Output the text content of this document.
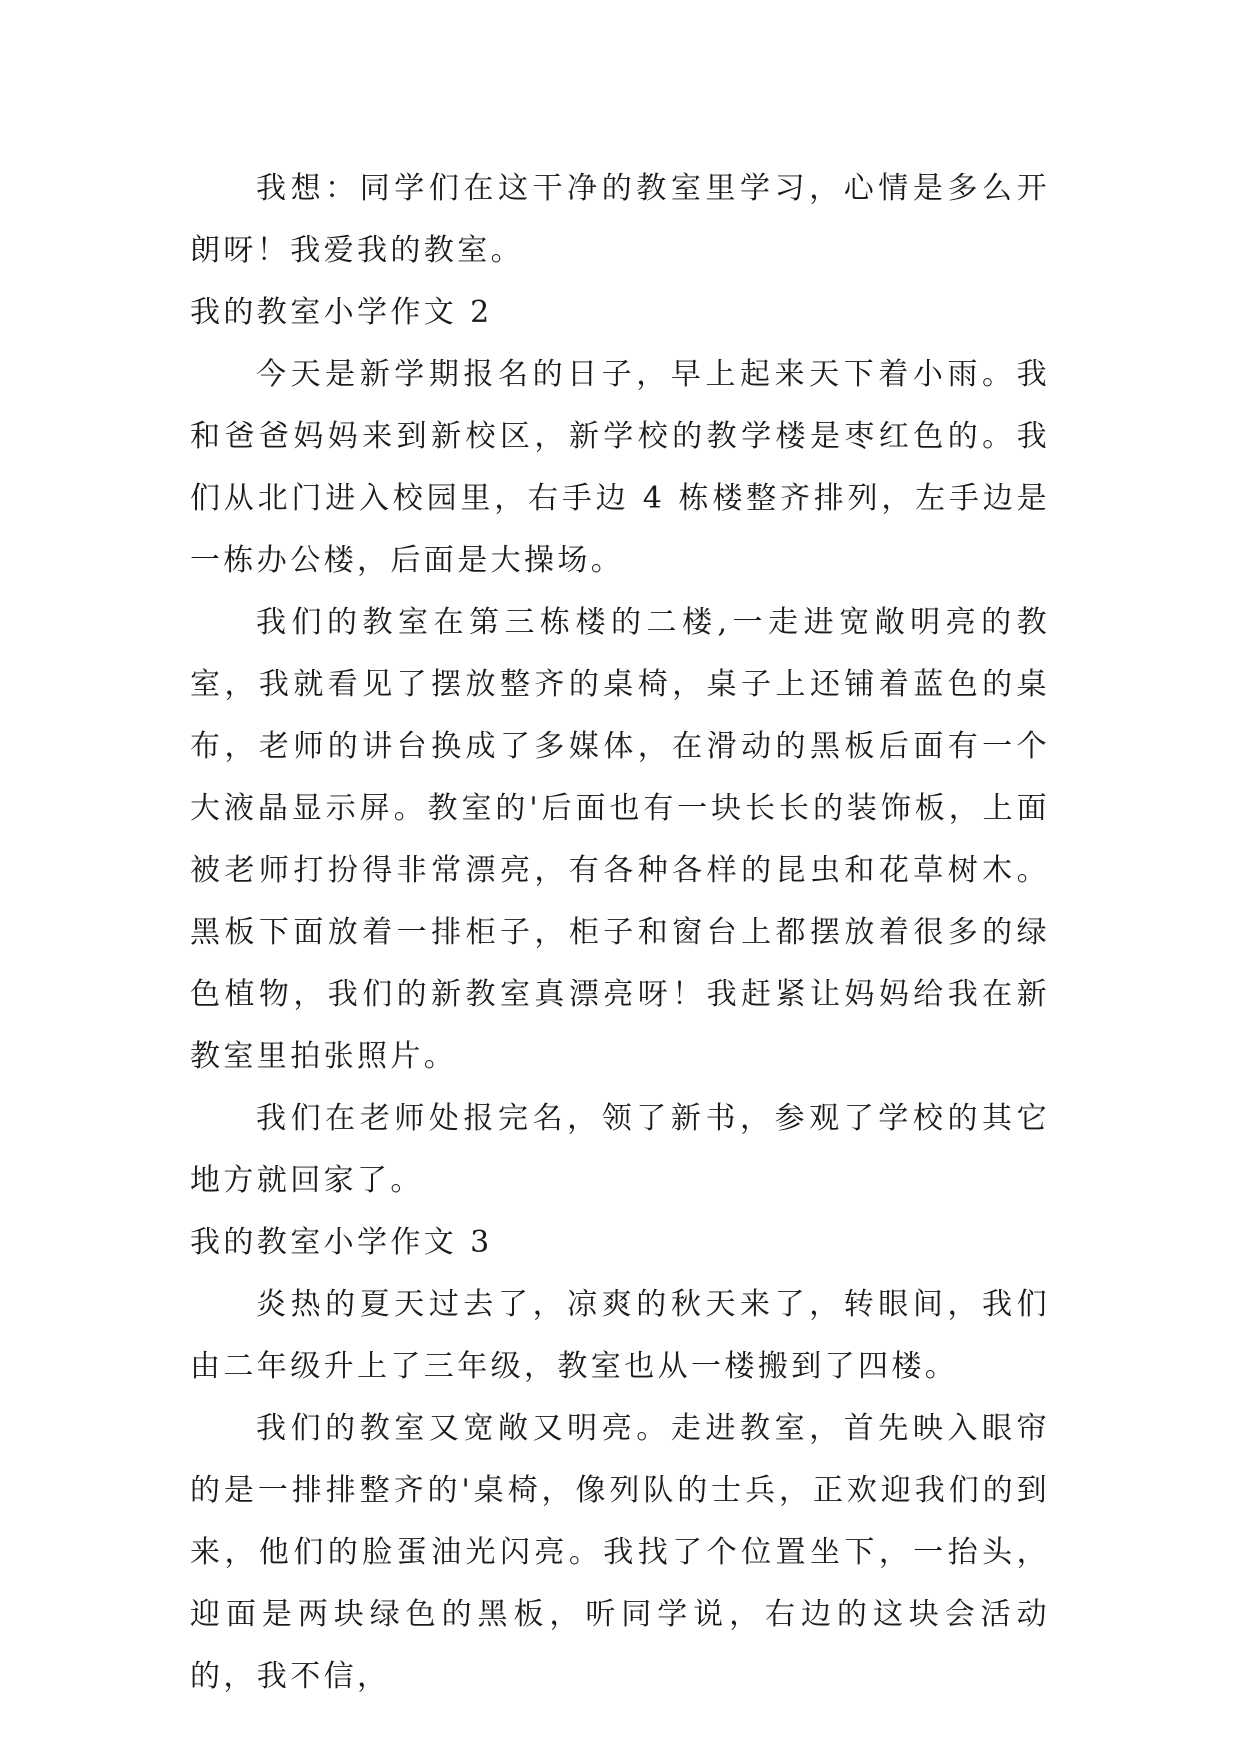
我想：同学们在这干净的教室里学习，心情是多么开朗呀！我爱我的教室。

我的教室小学作文 2

今天是新学期报名的日子，早上起来天下着小雨。我和爸爸妈妈来到新校区，新学校的教学楼是枣红色的。我们从北门进入校园里，右手边 4 栋楼整齐排列，左手边是一栋办公楼，后面是大操场。

我们的教室在第三栋楼的二楼,一走进宽敞明亮的教室，我就看见了摆放整齐的桌椅，桌子上还铺着蓝色的桌布，老师的讲台换成了多媒体，在滑动的黑板后面有一个大液晶显示屏。教室的'后面也有一块长长的装饰板，上面被老师打扮得非常漂亮，有各种各样的昆虫和花草树木。黑板下面放着一排柜子，柜子和窗台上都摆放着很多的绿色植物，我们的新教室真漂亮呀！我赶紧让妈妈给我在新教室里拍张照片。

我们在老师处报完名，领了新书，参观了学校的其它地方就回家了。

我的教室小学作文 3

炎热的夏天过去了，凉爽的秋天来了，转眼间，我们由二年级升上了三年级，教室也从一楼搬到了四楼。

我们的教室又宽敞又明亮。走进教室，首先映入眼帘的是一排排整齐的'桌椅，像列队的士兵，正欢迎我们的到来，他们的脸蛋油光闪亮。我找了个位置坐下，一抬头，迎面是两块绿色的黑板，听同学说，右边的这块会活动的，我不信，
